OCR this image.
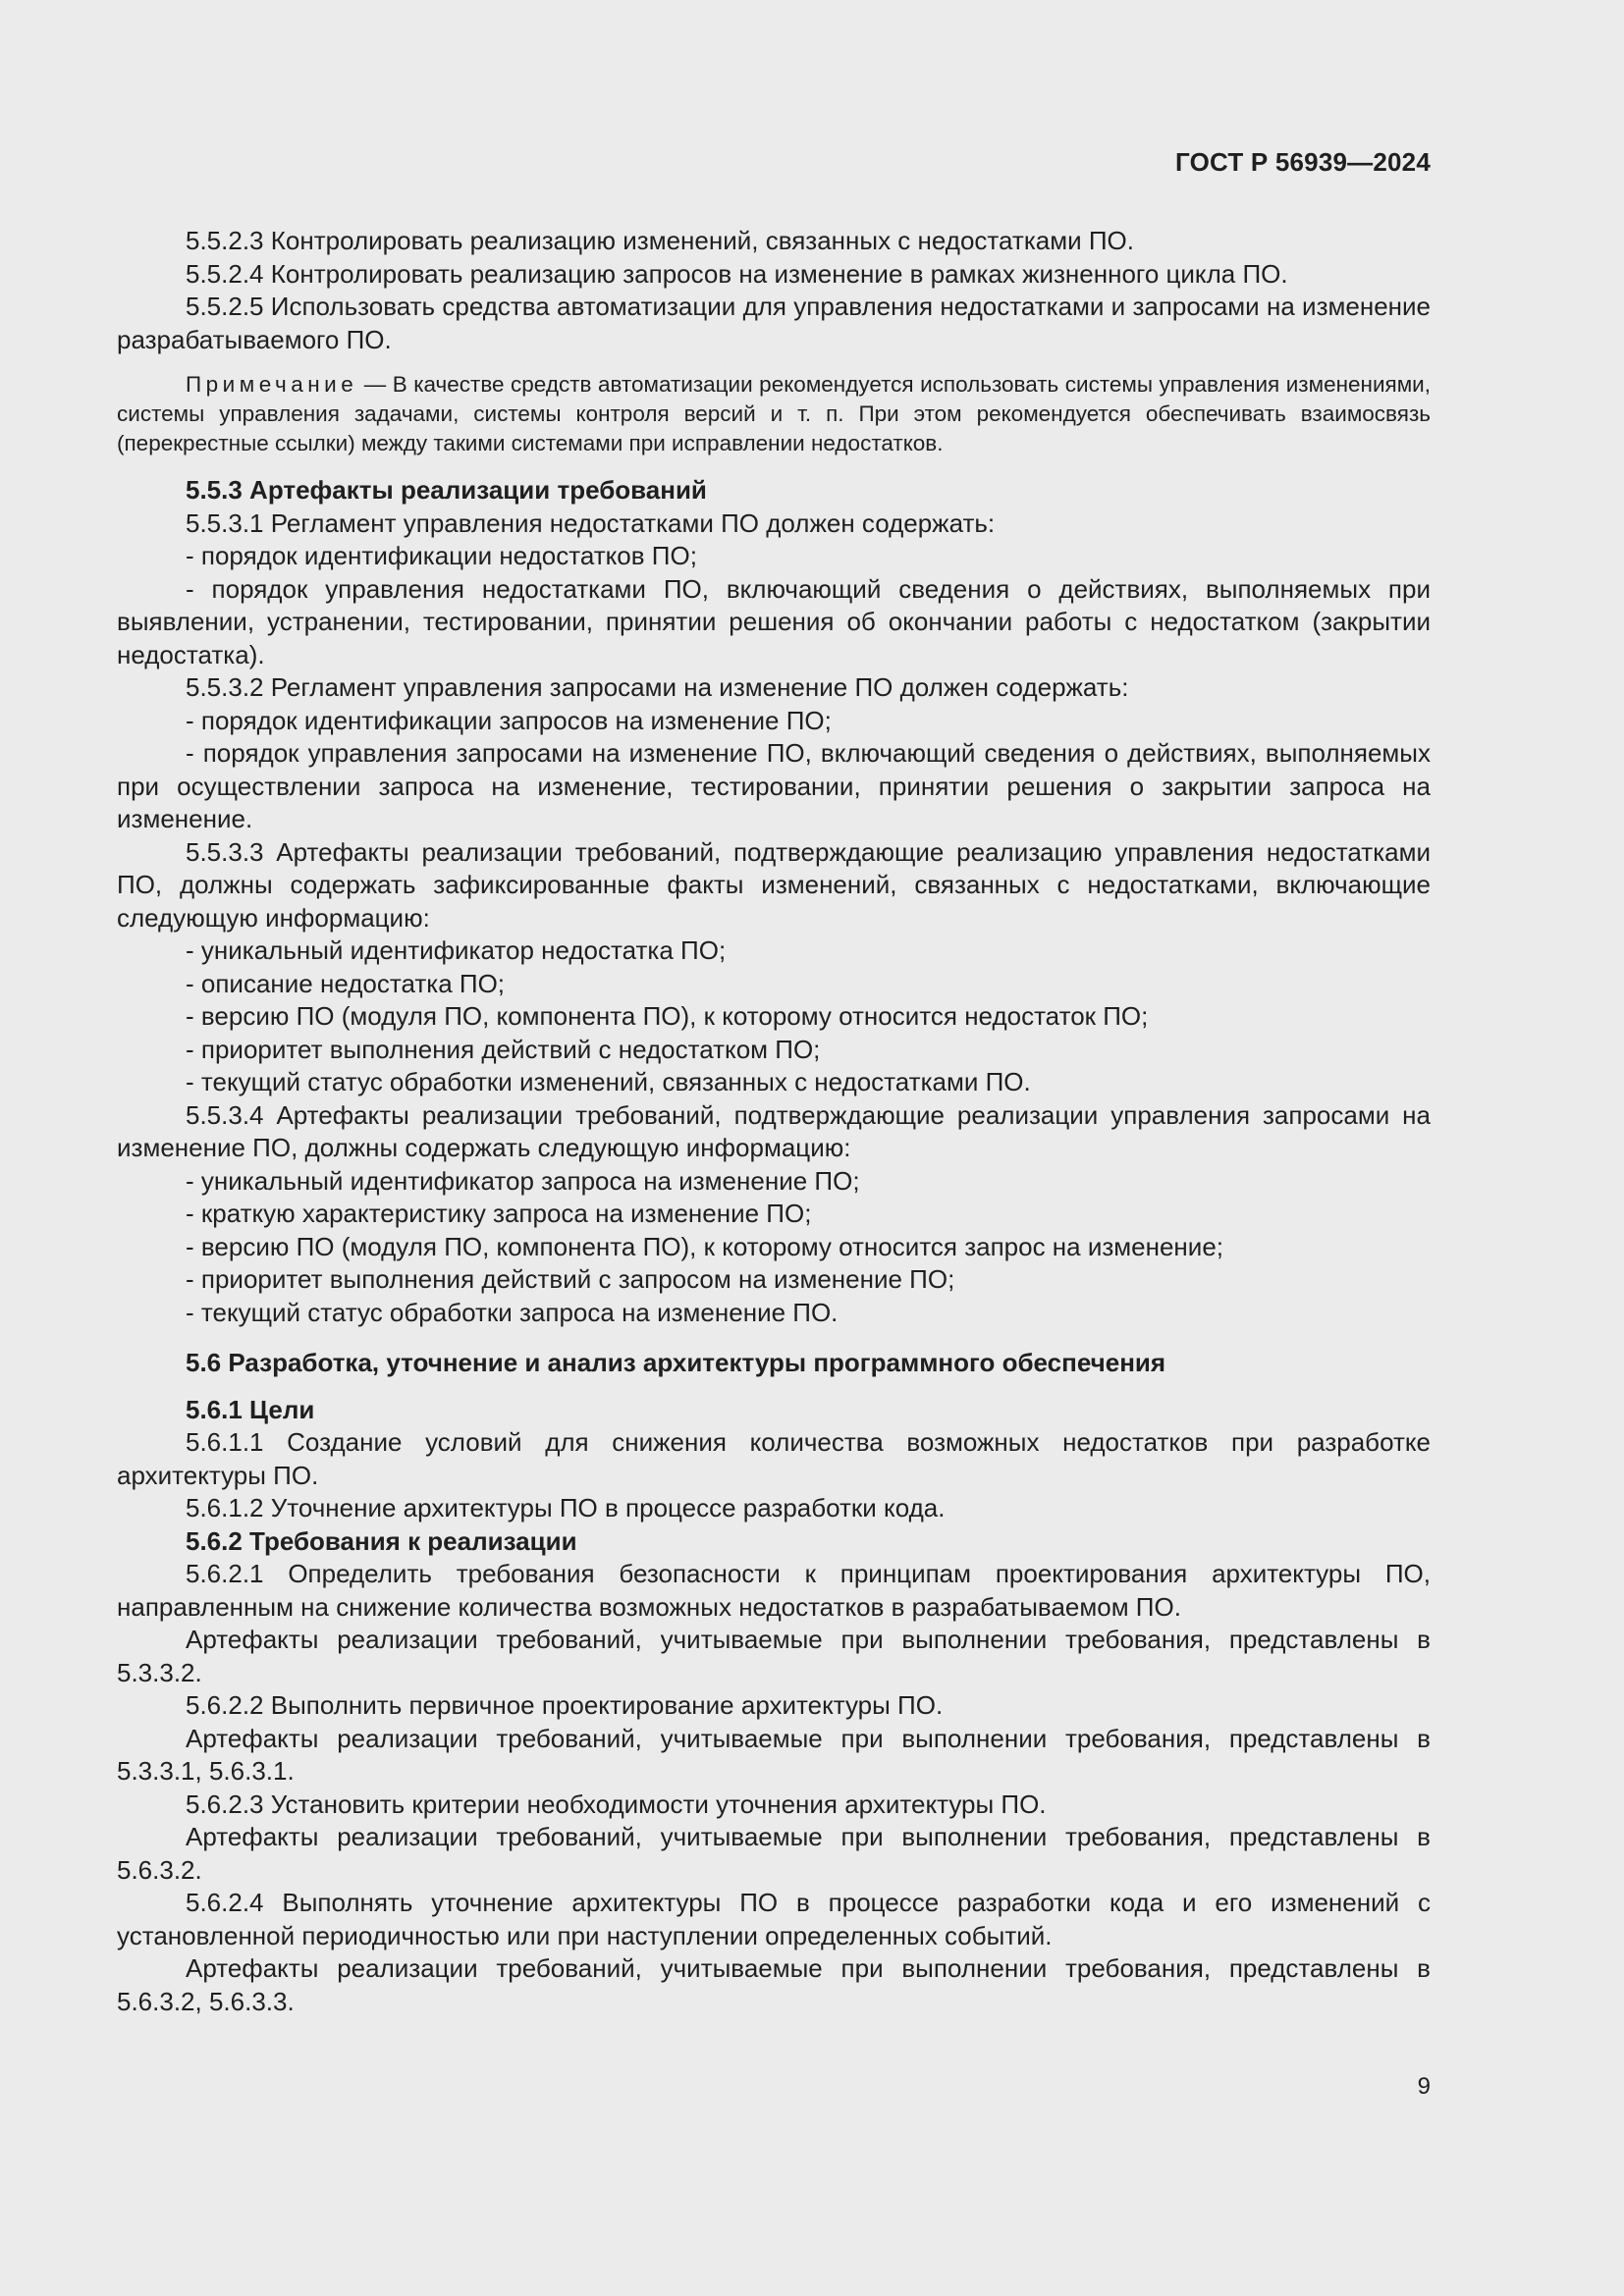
ГОСТ Р 56939—2024

5.5.2.3 Контролировать реализацию изменений, связанных с недостатками ПО.

5.5.2.4 Контролировать реализацию запросов на изменение в рамках жизненного цикла ПО.

5.5.2.5 Использовать средства автоматизации для управления недостатками и запросами на изменение разрабатываемого ПО.

Примечание — В качестве средств автоматизации рекомендуется использовать системы управления изменениями, системы управления задачами, системы контроля версий и т. п. При этом рекомендуется обеспечивать взаимосвязь (перекрестные ссылки) между такими системами при исправлении недостатков.

5.5.3 Артефакты реализации требований

5.5.3.1 Регламент управления недостатками ПО должен содержать:

- порядок идентификации недостатков ПО;

- порядок управления недостатками ПО, включающий сведения о действиях, выполняемых при выявлении, устранении, тестировании, принятии решения об окончании работы с недостатком (закрытии недостатка).

5.5.3.2 Регламент управления запросами на изменение ПО должен содержать:

- порядок идентификации запросов на изменение ПО;

- порядок управления запросами на изменение ПО, включающий сведения о действиях, выполняемых при осуществлении запроса на изменение, тестировании, принятии решения о закрытии запроса на изменение.

5.5.3.3 Артефакты реализации требований, подтверждающие реализацию управления недостатками ПО, должны содержать зафиксированные факты изменений, связанных с недостатками, включающие следующую информацию:

- уникальный идентификатор недостатка ПО;

- описание недостатка ПО;

- версию ПО (модуля ПО, компонента ПО), к которому относится недостаток ПО;

- приоритет выполнения действий с недостатком ПО;

- текущий статус обработки изменений, связанных с недостатками ПО.

5.5.3.4 Артефакты реализации требований, подтверждающие реализации управления запросами на изменение ПО, должны содержать следующую информацию:

- уникальный идентификатор запроса на изменение ПО;

- краткую характеристику запроса на изменение ПО;

- версию ПО (модуля ПО, компонента ПО), к которому относится запрос на изменение;

- приоритет выполнения действий с запросом на изменение ПО;

- текущий статус обработки запроса на изменение ПО.

5.6 Разработка, уточнение и анализ архитектуры программного обеспечения

5.6.1 Цели

5.6.1.1 Создание условий для снижения количества возможных недостатков при разработке архитектуры ПО.

5.6.1.2 Уточнение архитектуры ПО в процессе разработки кода.

5.6.2 Требования к реализации

5.6.2.1 Определить требования безопасности к принципам проектирования архитектуры ПО, направленным на снижение количества возможных недостатков в разрабатываемом ПО.

Артефакты реализации требований, учитываемые при выполнении требования, представлены в 5.3.3.2.

5.6.2.2 Выполнить первичное проектирование архитектуры ПО.

Артефакты реализации требований, учитываемые при выполнении требования, представлены в 5.3.3.1, 5.6.3.1.

5.6.2.3 Установить критерии необходимости уточнения архитектуры ПО.

Артефакты реализации требований, учитываемые при выполнении требования, представлены в 5.6.3.2.

5.6.2.4 Выполнять уточнение архитектуры ПО в процессе разработки кода и его изменений с установленной периодичностью или при наступлении определенных событий.

Артефакты реализации требований, учитываемые при выполнении требования, представлены в 5.6.3.2, 5.6.3.3.

9
